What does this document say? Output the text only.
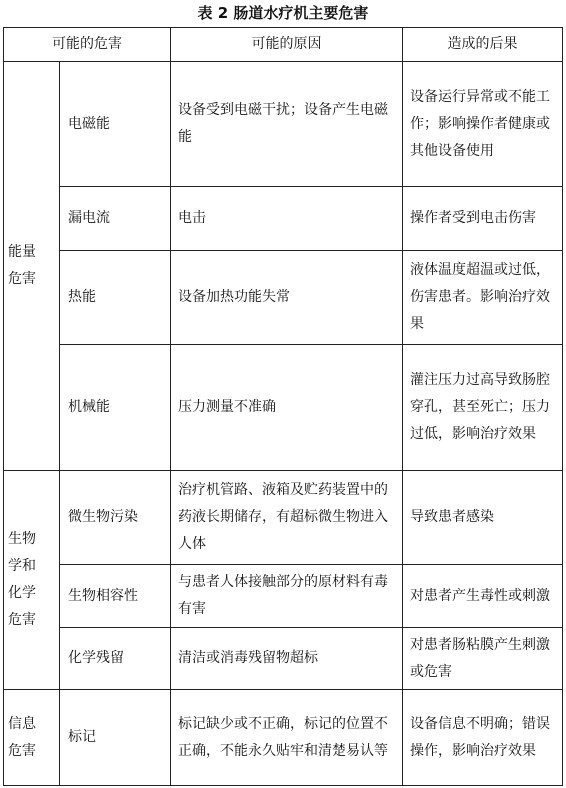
表 2 肠道水疗机主要危害
可能的危害		可能的原因	造成的后果

能量
危害	电磁能	设备受到电磁干扰；设备产生电磁能	设备运行异常或不能工作；影响操作者健康或其他设备使用
	漏电流	电击	操作者受到电击伤害
	热能	设备加热功能失常	液体温度超温或过低，伤害患者。影响治疗效果
	机械能	压力测量不准确	灌注压力过高导致肠腔穿孔，甚至死亡；压力过低，影响治疗效果

生物
学和
化学
危害	微生物污染	治疗机管路、液箱及贮药装置中的药液长期储存，有超标微生物进入人体	导致患者感染
	生物相容性	与患者人体接触部分的原材料有毒有害	对患者产生毒性或刺激
	化学残留	清洁或消毒残留物超标	对患者肠粘膜产生刺激或危害

信息
危害	标记	标记缺少或不正确，标记的位置不正确，不能永久贴牢和清楚易认等	设备信息不明确；错误操作，影响治疗效果
